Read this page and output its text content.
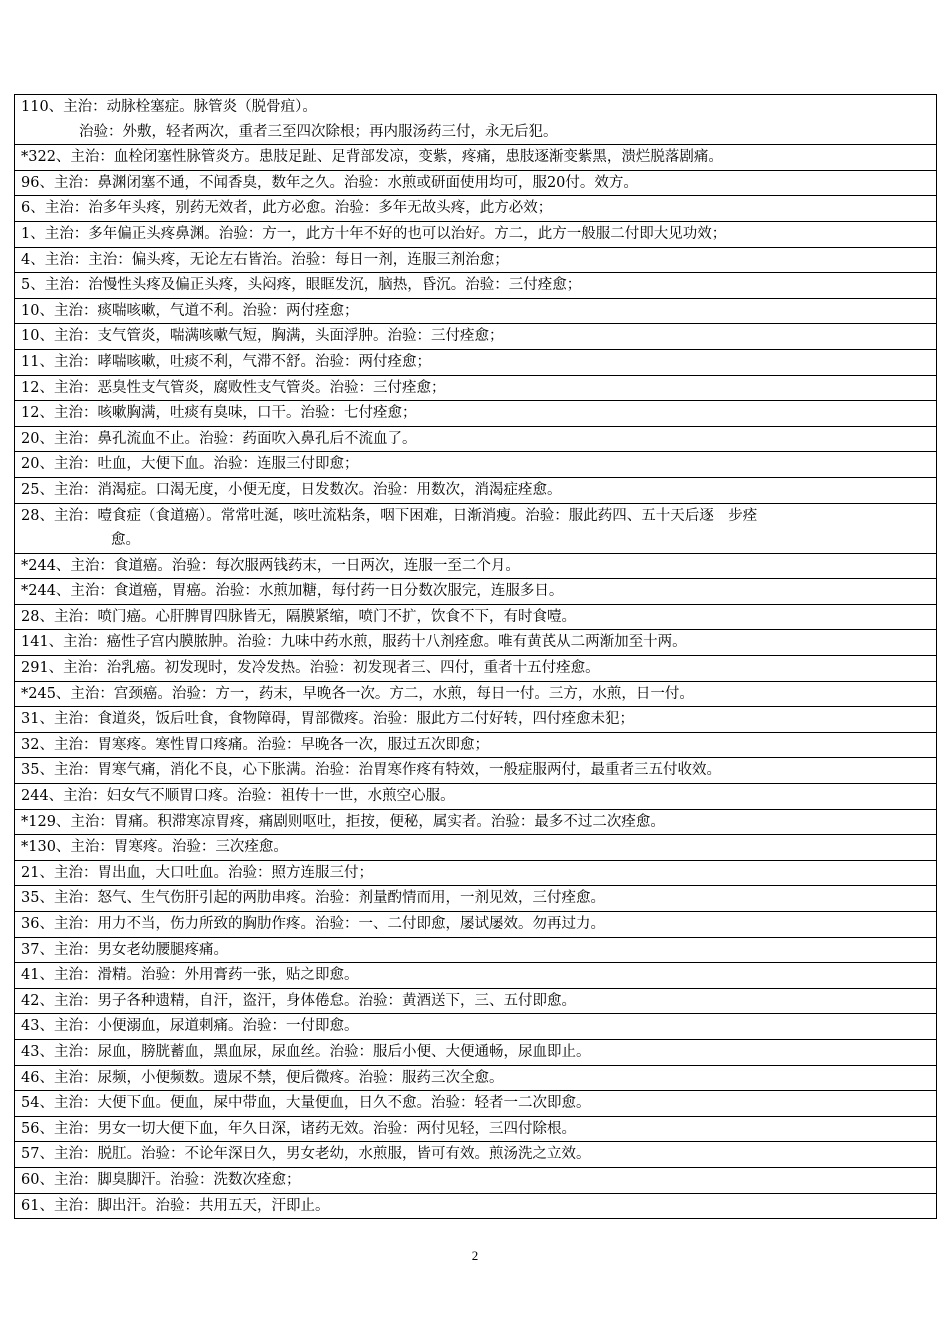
110、主治：动脉栓塞症。脉管炎（脱骨疽）。
治验：外敷，轻者两次，重者三至四次除根；再内服汤药三付，永无后犯。

*322、主治：血栓闭塞性脉管炎方。患肢足趾、足背部发凉，变紫，疼痛，患肢逐渐变紫黑，溃烂脱落剧痛。

96、主治：鼻渊闭塞不通，不闻香臭，数年之久。治验：水煎或研面使用均可，服20付。效方。

6、主治：治多年头疼，别药无效者，此方必愈。治验：多年无故头疼，此方必效；

1、主治：多年偏正头疼鼻渊。治验：方一，此方十年不好的也可以治好。方二，此方一般服二付即大见功效；

4、主治：主治：偏头疼，无论左右皆治。治验：每日一剂，连服三剂治愈；

5、主治：治慢性头疼及偏正头疼，头闷疼，眼眶发沉，脑热，昏沉。治验：三付痊愈；

10、主治：痰喘咳嗽，气道不利。治验：两付痊愈；

10、主治：支气管炎，喘满咳嗽气短，胸满，头面浮肿。治验：三付痊愈；

11、主治：哮喘咳嗽，吐痰不利，气滞不舒。治验：两付痊愈；

12、主治：恶臭性支气管炎，腐败性支气管炎。治验：三付痊愈；

12、主治：咳嗽胸满，吐痰有臭味，口干。治验：七付痊愈；

20、主治：鼻孔流血不止。治验：药面吹入鼻孔后不流血了。

20、主治：吐血，大便下血。治验：连服三付即愈；

25、主治：消渴症。口渴无度，小便无度，日发数次。治验：用数次，消渴症痊愈。

28、主治：噎食症（食道癌）。常常吐涎，咳吐流粘条，咽下困难，日渐消瘦。治验：服此药四、五十天后逐　步痊
愈。

*244、主治：食道癌。治验：每次服两钱药末，一日两次，连服一至二个月。

*244、主治：食道癌，胃癌。治验：水煎加糖，每付药一日分数次服完，连服多日。

28、主治：喷门癌。心肝脾胃四脉皆无，隔膜紧缩，喷门不扩，饮食不下，有时食噎。

141、主治：癌性子宫内膜脓肿。治验：九味中药水煎，服药十八剂痊愈。唯有黄芪从二两渐加至十两。

291、主治：治乳癌。初发现时，发冷发热。治验：初发现者三、四付，重者十五付痊愈。

*245、主治：宫颈癌。治验：方一，药末，早晚各一次。方二，水煎，每日一付。三方，水煎，日一付。

31、主治：食道炎，饭后吐食，食物障碍，胃部微疼。治验：服此方二付好转，四付痊愈未犯；

32、主治：胃寒疼。寒性胃口疼痛。治验：早晚各一次，服过五次即愈；

35、主治：胃寒气痛，消化不良，心下胀满。治验：治胃寒作疼有特效，一般症服两付，最重者三五付收效。

244、主治：妇女气不顺胃口疼。治验：祖传十一世，水煎空心服。

*129、主治：胃痛。积滞寒凉胃疼，痛剧则呕吐，拒按，便秘，属实者。治验：最多不过二次痊愈。

*130、主治：胃寒疼。治验：三次痊愈。

21、主治：胃出血，大口吐血。治验：照方连服三付；

35、主治：怒气、生气伤肝引起的两肋串疼。治验：剂量酌情而用，一剂见效，三付痊愈。

36、主治：用力不当，伤力所致的胸肋作疼。治验：一、二付即愈，屡试屡效。勿再过力。

37、主治：男女老幼腰腿疼痛。

41、主治：滑精。治验：外用膏药一张，贴之即愈。

42、主治：男子各种遗精，自汗，盗汗，身体倦怠。治验：黄酒送下，三、五付即愈。

43、主治：小便溺血，尿道刺痛。治验：一付即愈。

43、主治：尿血，膀胱蓄血，黑血尿，尿血丝。治验：服后小便、大便通畅，尿血即止。

46、主治：尿频，小便频数。遗尿不禁，便后微疼。治验：服药三次全愈。

54、主治：大便下血。便血，屎中带血，大量便血，日久不愈。治验：轻者一二次即愈。

56、主治：男女一切大便下血，年久日深，诸药无效。治验：两付见轻，三四付除根。

57、主治：脱肛。治验：不论年深日久，男女老幼，水煎服，皆可有效。煎汤洗之立效。

60、主治：脚臭脚汗。治验：洗数次痊愈；

61、主治：脚出汗。治验：共用五天，汗即止。
2
